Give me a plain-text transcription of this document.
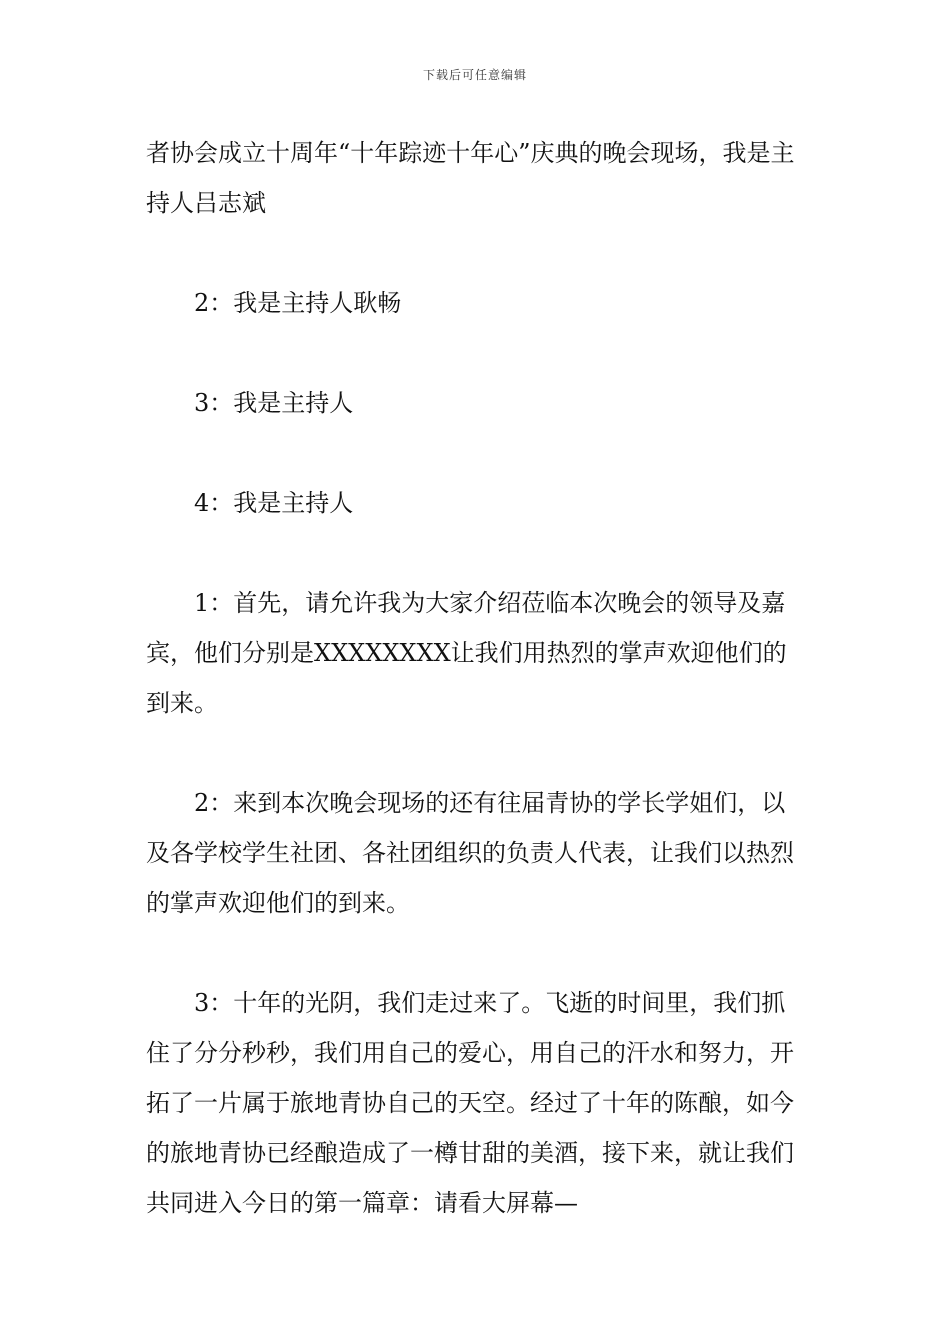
下载后可任意编辑

者协会成立十周年“十年踪迹十年心”庆典的晚会现场，我是主持人吕志斌

2：我是主持人耿畅

3：我是主持人

4：我是主持人

1：首先，请允许我为大家介绍莅临本次晚会的领导及嘉宾，他们分别是XXXXXXXX让我们用热烈的掌声欢迎他们的到来。

2：来到本次晚会现场的还有往届青协的学长学姐们，以及各学校学生社团、各社团组织的负责人代表，让我们以热烈的掌声欢迎他们的到来。

3：十年的光阴，我们走过来了。飞逝的时间里，我们抓住了分分秒秒，我们用自己的爱心，用自己的汗水和努力，开拓了一片属于旅地青协自己的天空。经过了十年的陈酿，如今的旅地青协已经酿造成了一樽甘甜的美酒，接下来，就让我们共同进入今日的第一篇章：请看大屏幕—
